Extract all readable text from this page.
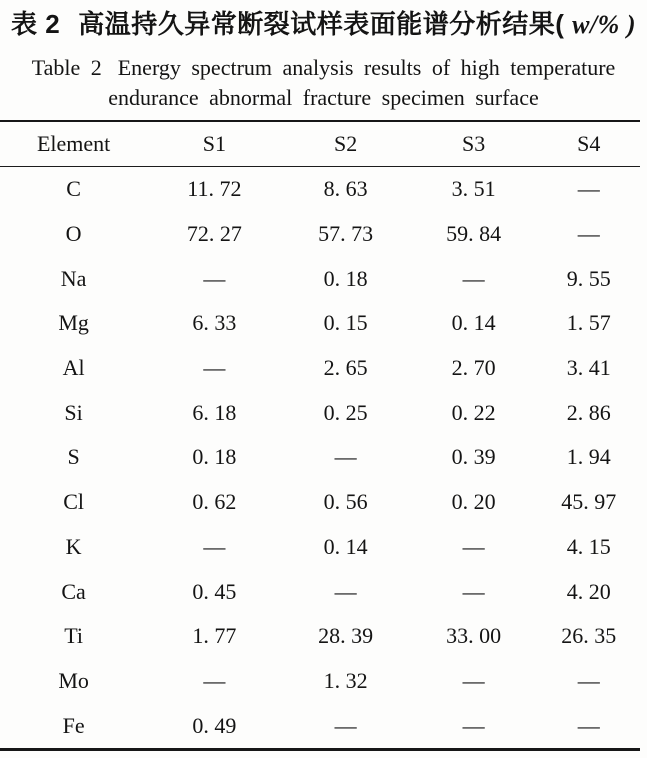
表 2 高温持久异常断裂试样表面能谱分析结果( w/% )
Table 2 Energy spectrum analysis results of high temperature
endurance abnormal fracture specimen surface
Element	S1	S2	S3	S4
C	11. 72	8. 63	3. 51	—
O	72. 27	57. 73	59. 84	—
Na	—	0. 18	—	9. 55
Mg	6. 33	0. 15	0. 14	1. 57
Al	—	2. 65	2. 70	3. 41
Si	6. 18	0. 25	0. 22	2. 86
S	0. 18	—	0. 39	1. 94
Cl	0. 62	0. 56	0. 20	45. 97
K	—	0. 14	—	4. 15
Ca	0. 45	—	—	4. 20
Ti	1. 77	28. 39	33. 00	26. 35
Mo	—	1. 32	—	—
Fe	0. 49	—	—	—
